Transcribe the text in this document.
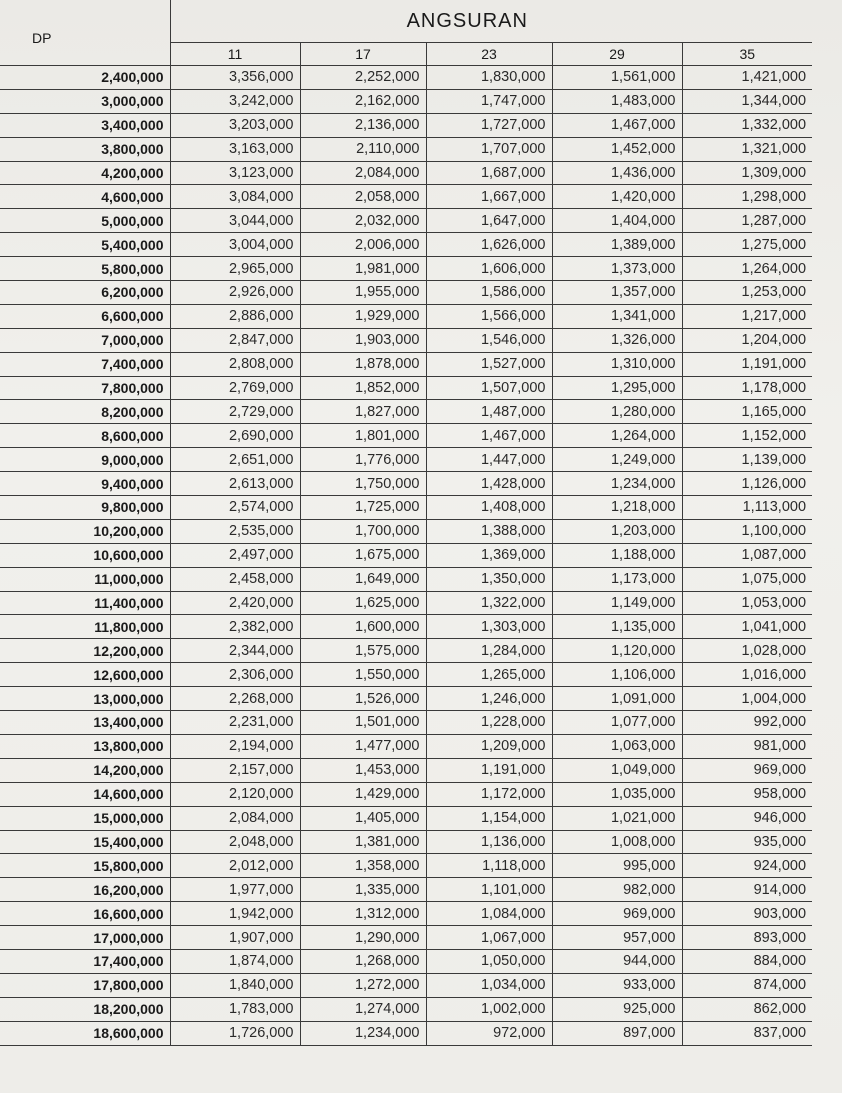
DP	ANGSURAN				
	11	17	23	29	35
2,400,000	3,356,000	2,252,000	1,830,000	1,561,000	1,421,000
3,000,000	3,242,000	2,162,000	1,747,000	1,483,000	1,344,000
3,400,000	3,203,000	2,136,000	1,727,000	1,467,000	1,332,000
3,800,000	3,163,000	2,110,000	1,707,000	1,452,000	1,321,000
4,200,000	3,123,000	2,084,000	1,687,000	1,436,000	1,309,000
4,600,000	3,084,000	2,058,000	1,667,000	1,420,000	1,298,000
5,000,000	3,044,000	2,032,000	1,647,000	1,404,000	1,287,000
5,400,000	3,004,000	2,006,000	1,626,000	1,389,000	1,275,000
5,800,000	2,965,000	1,981,000	1,606,000	1,373,000	1,264,000
6,200,000	2,926,000	1,955,000	1,586,000	1,357,000	1,253,000
6,600,000	2,886,000	1,929,000	1,566,000	1,341,000	1,217,000
7,000,000	2,847,000	1,903,000	1,546,000	1,326,000	1,204,000
7,400,000	2,808,000	1,878,000	1,527,000	1,310,000	1,191,000
7,800,000	2,769,000	1,852,000	1,507,000	1,295,000	1,178,000
8,200,000	2,729,000	1,827,000	1,487,000	1,280,000	1,165,000
8,600,000	2,690,000	1,801,000	1,467,000	1,264,000	1,152,000
9,000,000	2,651,000	1,776,000	1,447,000	1,249,000	1,139,000
9,400,000	2,613,000	1,750,000	1,428,000	1,234,000	1,126,000
9,800,000	2,574,000	1,725,000	1,408,000	1,218,000	1,113,000
10,200,000	2,535,000	1,700,000	1,388,000	1,203,000	1,100,000
10,600,000	2,497,000	1,675,000	1,369,000	1,188,000	1,087,000
11,000,000	2,458,000	1,649,000	1,350,000	1,173,000	1,075,000
11,400,000	2,420,000	1,625,000	1,322,000	1,149,000	1,053,000
11,800,000	2,382,000	1,600,000	1,303,000	1,135,000	1,041,000
12,200,000	2,344,000	1,575,000	1,284,000	1,120,000	1,028,000
12,600,000	2,306,000	1,550,000	1,265,000	1,106,000	1,016,000
13,000,000	2,268,000	1,526,000	1,246,000	1,091,000	1,004,000
13,400,000	2,231,000	1,501,000	1,228,000	1,077,000	992,000
13,800,000	2,194,000	1,477,000	1,209,000	1,063,000	981,000
14,200,000	2,157,000	1,453,000	1,191,000	1,049,000	969,000
14,600,000	2,120,000	1,429,000	1,172,000	1,035,000	958,000
15,000,000	2,084,000	1,405,000	1,154,000	1,021,000	946,000
15,400,000	2,048,000	1,381,000	1,136,000	1,008,000	935,000
15,800,000	2,012,000	1,358,000	1,118,000	995,000	924,000
16,200,000	1,977,000	1,335,000	1,101,000	982,000	914,000
16,600,000	1,942,000	1,312,000	1,084,000	969,000	903,000
17,000,000	1,907,000	1,290,000	1,067,000	957,000	893,000
17,400,000	1,874,000	1,268,000	1,050,000	944,000	884,000
17,800,000	1,840,000	1,272,000	1,034,000	933,000	874,000
18,200,000	1,783,000	1,274,000	1,002,000	925,000	862,000
18,600,000	1,726,000	1,234,000	972,000	897,000	837,000
